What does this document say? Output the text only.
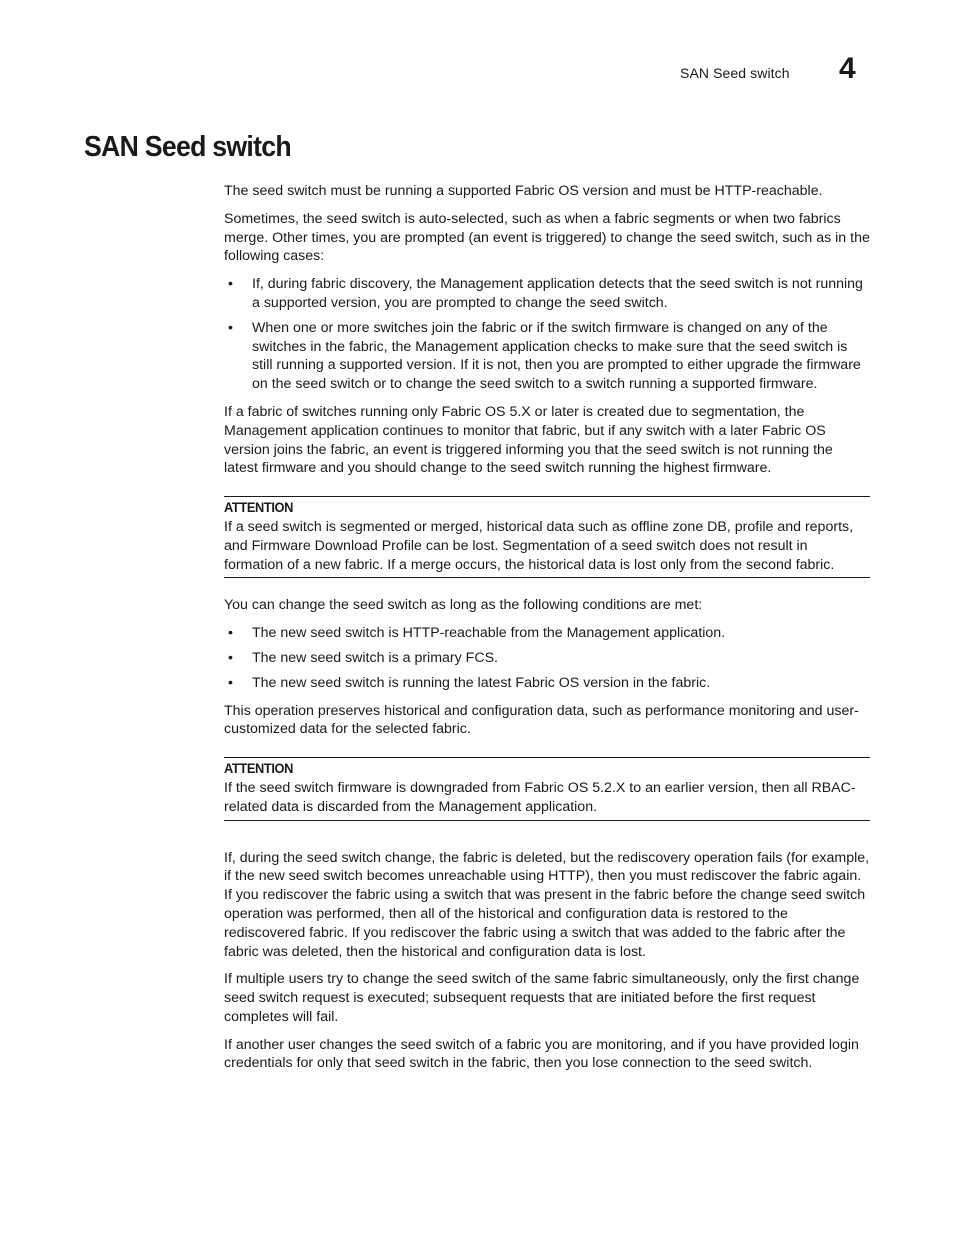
SAN Seed switch 4
SAN Seed switch

The seed switch must be running a supported Fabric OS version and must be HTTP-reachable.

Sometimes, the seed switch is auto-selected, such as when a fabric segments or when two fabrics merge. Other times, you are prompted (an event is triggered) to change the seed switch, such as in the following cases:

• If, during fabric discovery, the Management application detects that the seed switch is not running a supported version, you are prompted to change the seed switch.
• When one or more switches join the fabric or if the switch firmware is changed on any of the switches in the fabric, the Management application checks to make sure that the seed switch is still running a supported version. If it is not, then you are prompted to either upgrade the firmware on the seed switch or to change the seed switch to a switch running a supported firmware.

If a fabric of switches running only Fabric OS 5.X or later is created due to segmentation, the Management application continues to monitor that fabric, but if any switch with a later Fabric OS version joins the fabric, an event is triggered informing you that the seed switch is not running the latest firmware and you should change to the seed switch running the highest firmware.

ATTENTION

If a seed switch is segmented or merged, historical data such as offline zone DB, profile and reports, and Firmware Download Profile can be lost. Segmentation of a seed switch does not result in formation of a new fabric. If a merge occurs, the historical data is lost only from the second fabric.

You can change the seed switch as long as the following conditions are met:

• The new seed switch is HTTP-reachable from the Management application.
• The new seed switch is a primary FCS.
• The new seed switch is running the latest Fabric OS version in the fabric.

This operation preserves historical and configuration data, such as performance monitoring and user-customized data for the selected fabric.

ATTENTION

If the seed switch firmware is downgraded from Fabric OS 5.2.X to an earlier version, then all RBAC-related data is discarded from the Management application.

If, during the seed switch change, the fabric is deleted, but the rediscovery operation fails (for example, if the new seed switch becomes unreachable using HTTP), then you must rediscover the fabric again. If you rediscover the fabric using a switch that was present in the fabric before the change seed switch operation was performed, then all of the historical and configuration data is restored to the rediscovered fabric. If you rediscover the fabric using a switch that was added to the fabric after the fabric was deleted, then the historical and configuration data is lost.

If multiple users try to change the seed switch of the same fabric simultaneously, only the first change seed switch request is executed; subsequent requests that are initiated before the first request completes will fail.

If another user changes the seed switch of a fabric you are monitoring, and if you have provided login credentials for only that seed switch in the fabric, then you lose connection to the seed switch.
